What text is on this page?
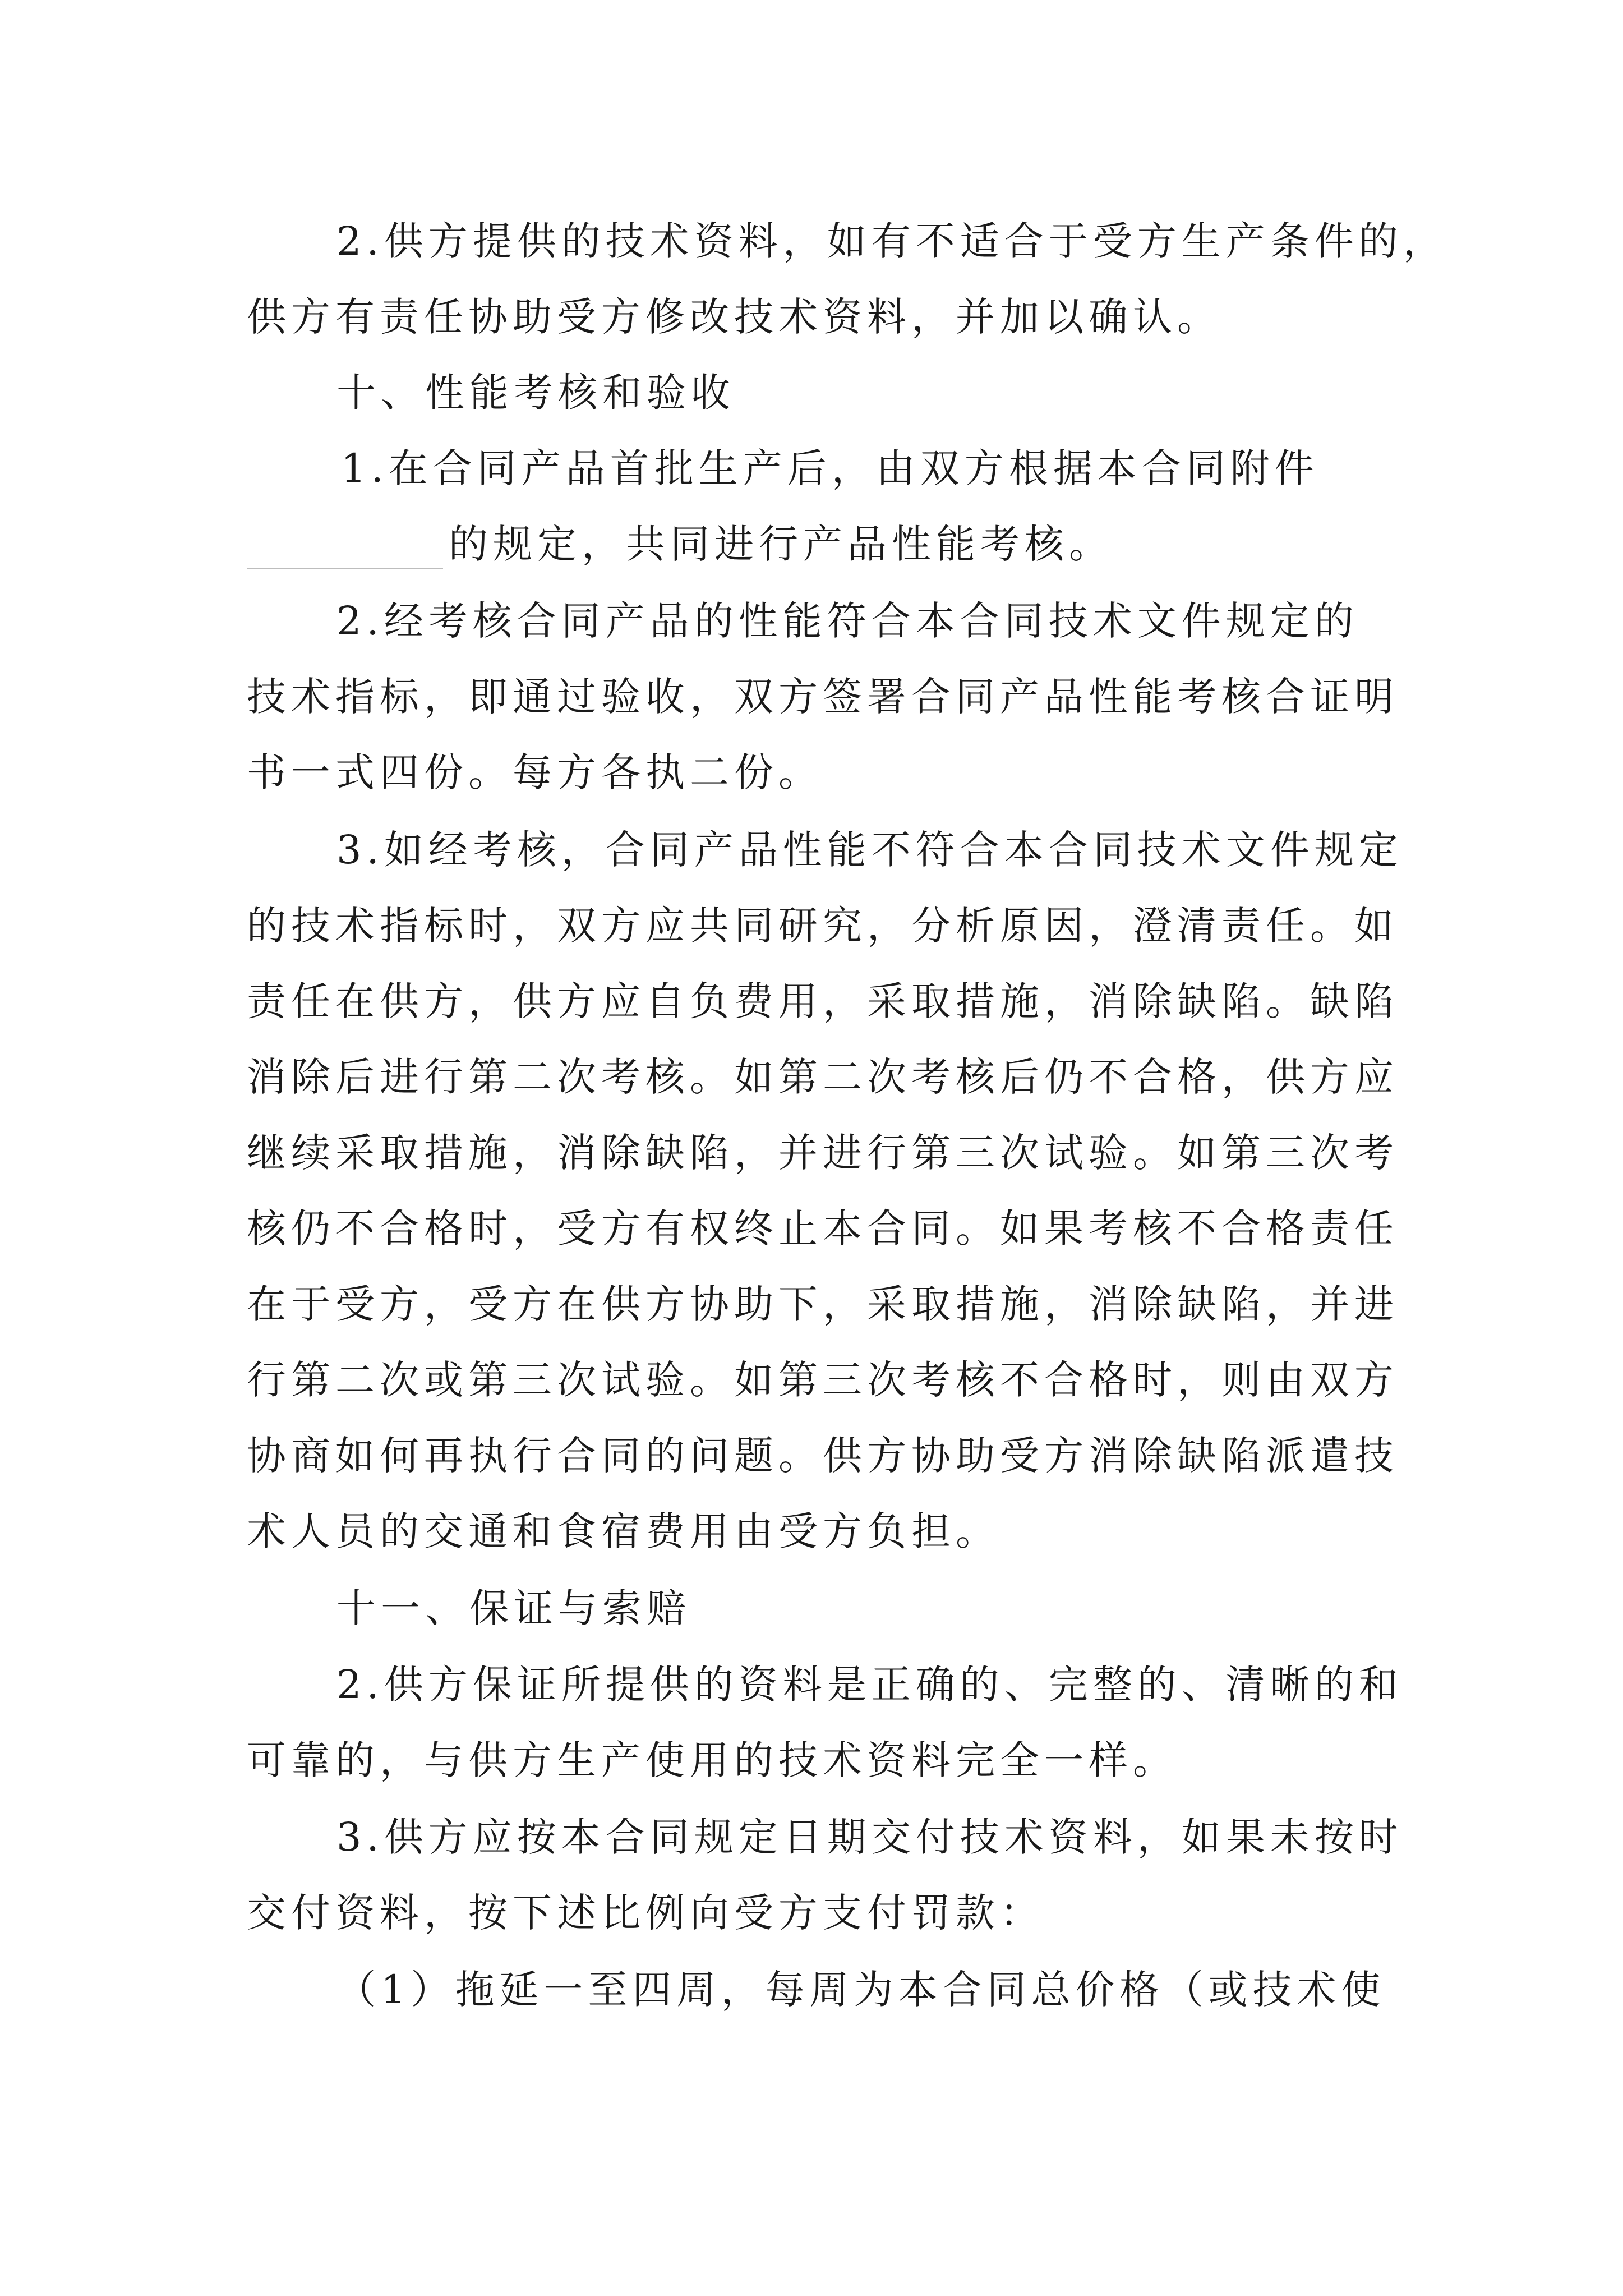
2.供方提供的技术资料，如有不适合于受方生产条件的，

供方有责任协助受方修改技术资料，并加以确认。

十、性能考核和验收

1.在合同产品首批生产后，由双方根据本合同附件

的规定，共同进行产品性能考核。

2.经考核合同产品的性能符合本合同技术文件规定的

技术指标，即通过验收，双方签署合同产品性能考核合证明

书一式四份。每方各执二份。

3.如经考核，合同产品性能不符合本合同技术文件规定

的技术指标时，双方应共同研究，分析原因，澄清责任。如

责任在供方，供方应自负费用，采取措施，消除缺陷。缺陷

消除后进行第二次考核。如第二次考核后仍不合格，供方应

继续采取措施，消除缺陷，并进行第三次试验。如第三次考

核仍不合格时，受方有权终止本合同。如果考核不合格责任

在于受方，受方在供方协助下，采取措施，消除缺陷，并进

行第二次或第三次试验。如第三次考核不合格时，则由双方

协商如何再执行合同的问题。供方协助受方消除缺陷派遣技

术人员的交通和食宿费用由受方负担。

十一、保证与索赔

2.供方保证所提供的资料是正确的、完整的、清晰的和

可靠的，与供方生产使用的技术资料完全一样。

3.供方应按本合同规定日期交付技术资料，如果未按时

交付资料，按下述比例向受方支付罚款：

（1）拖延一至四周，每周为本合同总价格（或技术使
